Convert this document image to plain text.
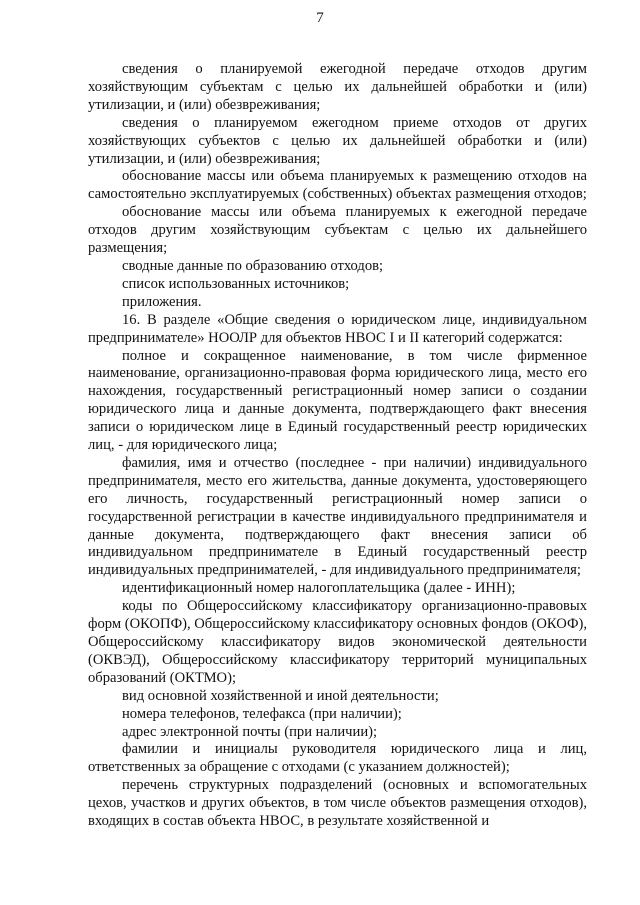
7

сведения о планируемой ежегодной передаче отходов другим хозяйствующим субъектам с целью их дальнейшей обработки и (или) утилизации, и (или) обезвреживания;

сведения о планируемом ежегодном приеме отходов от других хозяйствующих субъектов с целью их дальнейшей обработки и (или) утилизации, и (или) обезвреживания;

обоснование массы или объема планируемых к размещению отходов на самостоятельно эксплуатируемых (собственных) объектах размещения отходов;

обоснование массы или объема планируемых к ежегодной передаче отходов другим хозяйствующим субъектам с целью их дальнейшего размещения;

сводные данные по образованию отходов;

список использованных источников;

приложения.

16. В разделе «Общие сведения о юридическом лице, индивидуальном предпринимателе» НООЛР для объектов НВОС I и II категорий содержатся:

полное и сокращенное наименование, в том числе фирменное наименование, организационно-правовая форма юридического лица, место его нахождения, государственный регистрационный номер записи о создании юридического лица и данные документа, подтверждающего факт внесения записи о юридическом лице в Единый государственный реестр юридических лиц, - для юридического лица;

фамилия, имя и отчество (последнее - при наличии) индивидуального предпринимателя, место его жительства, данные документа, удостоверяющего его личность, государственный регистрационный номер записи о государственной регистрации в качестве индивидуального предпринимателя и данные документа, подтверждающего факт внесения записи об индивидуальном предпринимателе в Единый государственный реестр индивидуальных предпринимателей, - для индивидуального предпринимателя;

идентификационный номер налогоплательщика (далее - ИНН);

коды по Общероссийскому классификатору организационно-правовых форм (ОКОПФ), Общероссийскому классификатору основных фондов (ОКОФ), Общероссийскому классификатору видов экономической деятельности (ОКВЭД), Общероссийскому классификатору территорий муниципальных образований (ОКТМО);

вид основной хозяйственной и иной деятельности;

номера телефонов, телефакса (при наличии);

адрес электронной почты (при наличии);

фамилии и инициалы руководителя юридического лица и лиц, ответственных за обращение с отходами (с указанием должностей);

перечень структурных подразделений (основных и вспомогательных цехов, участков и других объектов, в том числе объектов размещения отходов), входящих в состав объекта НВОС, в результате хозяйственной и
